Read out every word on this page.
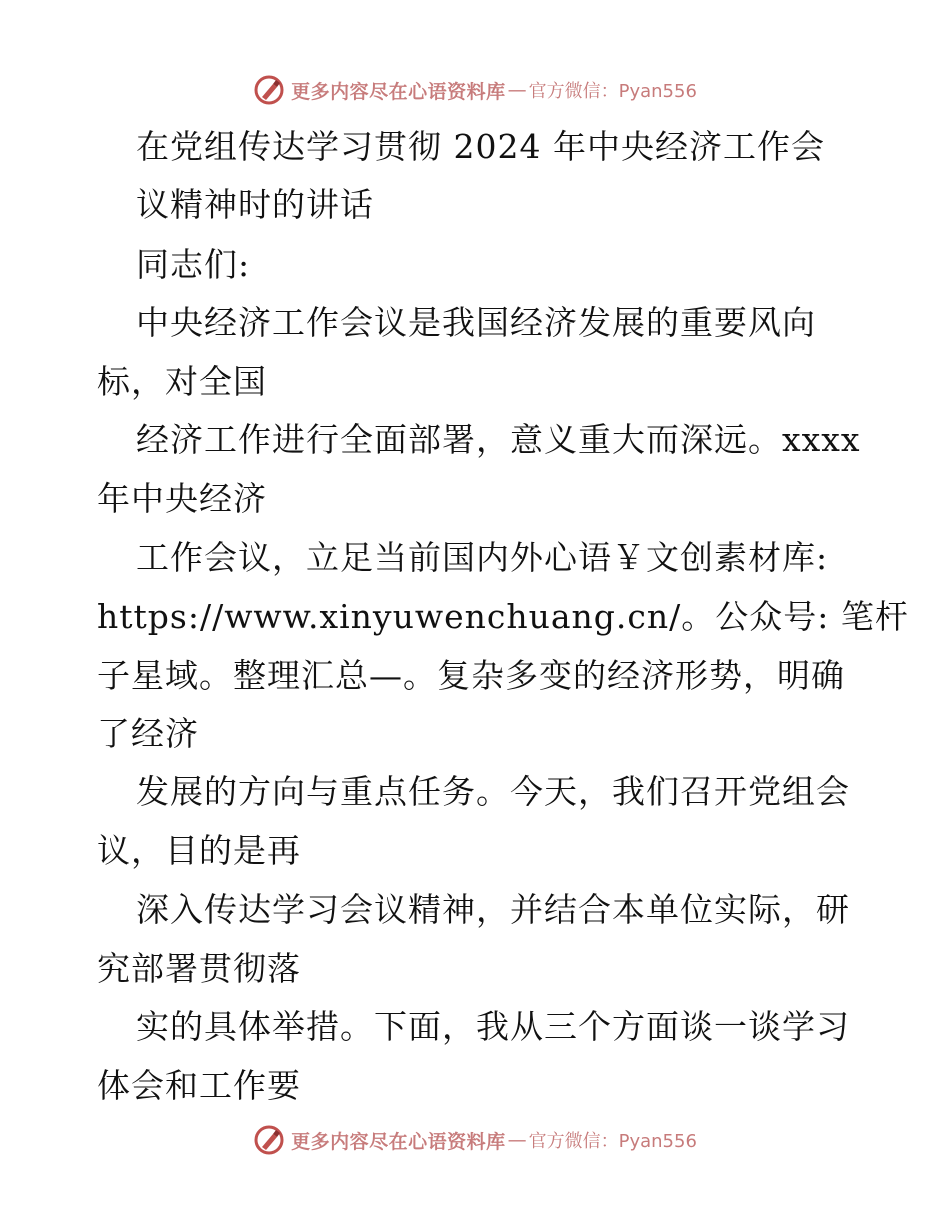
更多内容尽在心语资料库 — 官方微信：Pyan556
在党组传达学习贯彻 2024 年中央经济工作会
议精神时的讲话
同志们:
中央经济工作会议是我国经济发展的重要风向
标，对全国
经济工作进行全面部署，意义重大而深远。xxxx
年中央经济
工作会议，立足当前国内外心语￥文创素材库:
https://www.xinyuwenchuang.cn/。公众号: 笔杆
子星域。整理汇总—。复杂多变的经济形势，明确
了经济
发展的方向与重点任务。今天，我们召开党组会
议，目的是再
深入传达学习会议精神，并结合本单位实际，研
究部署贯彻落
实的具体举措。下面，我从三个方面谈一谈学习
体会和工作要
更多内容尽在心语资料库 — 官方微信：Pyan556
